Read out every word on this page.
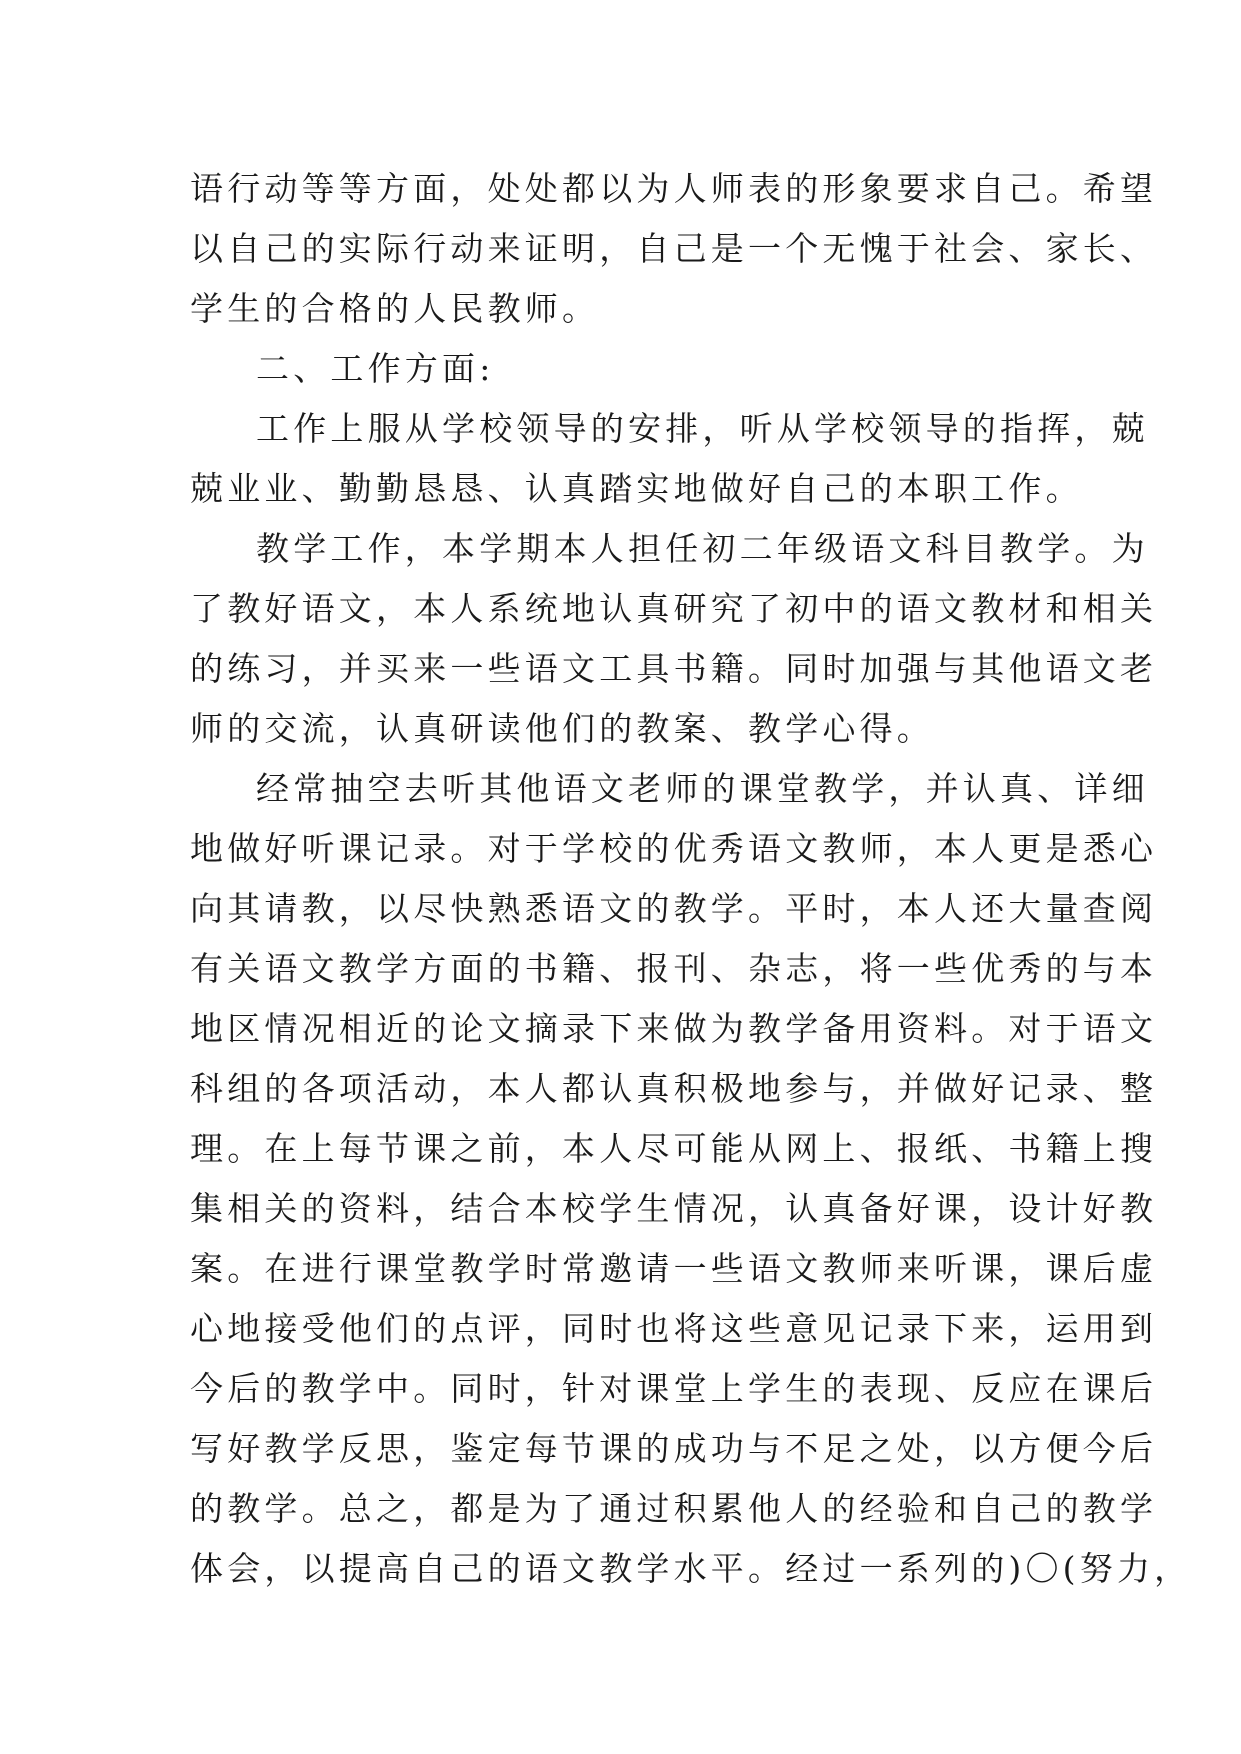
语行动等等方面，处处都以为人师表的形象要求自己。希望
以自己的实际行动来证明，自己是一个无愧于社会、家长、
学生的合格的人民教师。
二、工作方面:
工作上服从学校领导的安排，听从学校领导的指挥，兢
兢业业、勤勤恳恳、认真踏实地做好自己的本职工作。
教学工作，本学期本人担任初二年级语文科目教学。为
了教好语文，本人系统地认真研究了初中的语文教材和相关
的练习，并买来一些语文工具书籍。同时加强与其他语文老
师的交流，认真研读他们的教案、教学心得。
经常抽空去听其他语文老师的课堂教学，并认真、详细
地做好听课记录。对于学校的优秀语文教师，本人更是悉心
向其请教，以尽快熟悉语文的教学。平时，本人还大量查阅
有关语文教学方面的书籍、报刊、杂志，将一些优秀的与本
地区情况相近的论文摘录下来做为教学备用资料。对于语文
科组的各项活动，本人都认真积极地参与，并做好记录、整
理。在上每节课之前，本人尽可能从网上、报纸、书籍上搜
集相关的资料，结合本校学生情况，认真备好课，设计好教
案。在进行课堂教学时常邀请一些语文教师来听课，课后虚
心地接受他们的点评，同时也将这些意见记录下来，运用到
今后的教学中。同时，针对课堂上学生的表现、反应在课后
写好教学反思，鉴定每节课的成功与不足之处，以方便今后
的教学。总之，都是为了通过积累他人的经验和自己的教学
体会，以提高自己的语文教学水平。经过一系列的)〇(努力，
